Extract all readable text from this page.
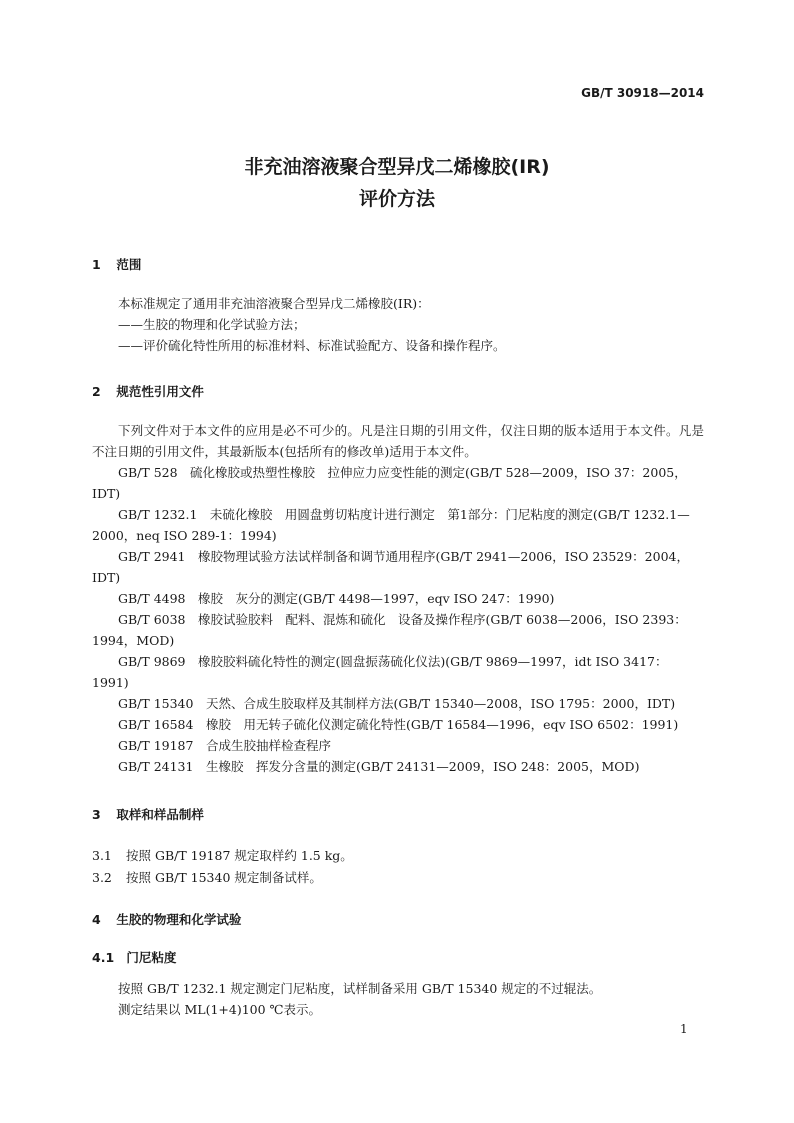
GB/T 30918—2014
非充油溶液聚合型异戊二烯橡胶(IR)
评价方法
1 范围
本标准规定了通用非充油溶液聚合型异戊二烯橡胶(IR)：
——生胶的物理和化学试验方法；
——评价硫化特性所用的标准材料、标准试验配方、设备和操作程序。
2 规范性引用文件
下列文件对于本文件的应用是必不可少的。凡是注日期的引用文件，仅注日期的版本适用于本文件。凡是不注日期的引用文件，其最新版本(包括所有的修改单)适用于本文件。
GB/T 528　硫化橡胶或热塑性橡胶　拉伸应力应变性能的测定(GB/T 528—2009，ISO 37：2005，IDT)
GB/T 1232.1　未硫化橡胶　用圆盘剪切粘度计进行测定　第1部分：门尼粘度的测定(GB/T 1232.1—2000，neq ISO 289-1：1994)
GB/T 2941　橡胶物理试验方法试样制备和调节通用程序(GB/T 2941—2006，ISO 23529：2004，IDT)
GB/T 4498　橡胶　灰分的测定(GB/T 4498—1997，eqv ISO 247：1990)
GB/T 6038　橡胶试验胶料　配料、混炼和硫化　设备及操作程序(GB/T 6038—2006，ISO 2393：1994，MOD)
GB/T 9869　橡胶胶料硫化特性的测定(圆盘振荡硫化仪法)(GB/T 9869—1997，idt ISO 3417：1991)
GB/T 15340　天然、合成生胶取样及其制样方法(GB/T 15340—2008，ISO 1795：2000，IDT)
GB/T 16584　橡胶　用无转子硫化仪测定硫化特性(GB/T 16584—1996，eqv ISO 6502：1991)
GB/T 19187　合成生胶抽样检查程序
GB/T 24131　生橡胶　挥发分含量的测定(GB/T 24131—2009，ISO 248：2005，MOD)
3 取样和样品制样
3.1 按照 GB/T 19187 规定取样约 1.5 kg。
3.2 按照 GB/T 15340 规定制备试样。
4 生胶的物理和化学试验
4.1 门尼粘度
按照 GB/T 1232.1 规定测定门尼粘度，试样制备采用 GB/T 15340 规定的不过辊法。
测定结果以 ML(1+4)100 ℃表示。
1
